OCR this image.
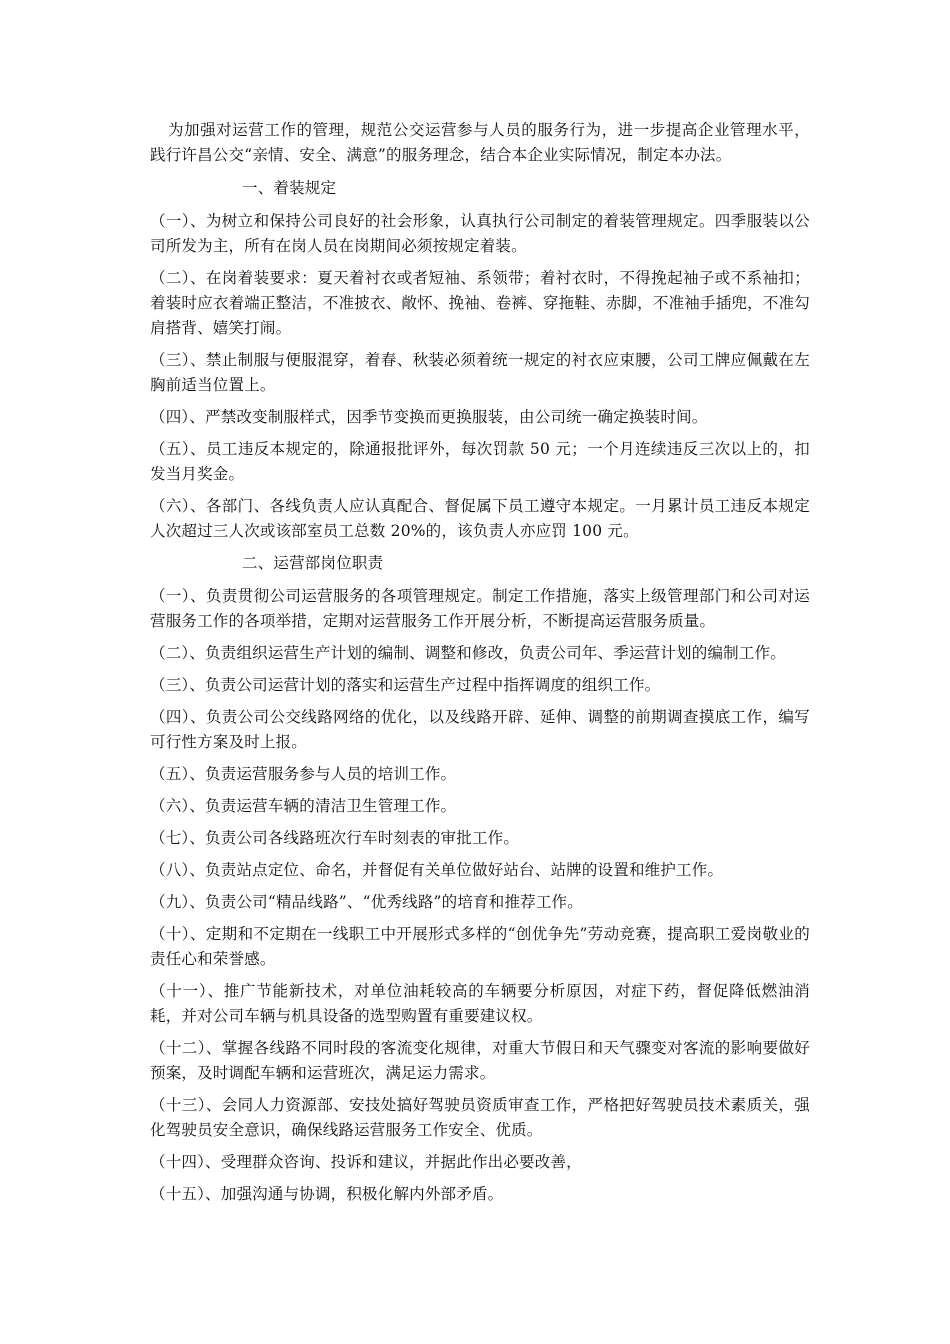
为加强对运营工作的管理，规范公交运营参与人员的服务行为，进一步提高企业管理水平，践行许昌公交“亲情、安全、满意”的服务理念，结合本企业实际情况，制定本办法。

一、着装规定

（一）、为树立和保持公司良好的社会形象，认真执行公司制定的着装管理规定。四季服装以公司所发为主，所有在岗人员在岗期间必须按规定着装。

（二）、在岗着装要求：夏天着衬衣或者短袖、系领带；着衬衣时，不得挽起袖子或不系袖扣；着装时应衣着端正整洁，不准披衣、敞怀、挽袖、卷裤、穿拖鞋、赤脚，不准袖手插兜，不准勾肩搭背、嬉笑打闹。

（三）、禁止制服与便服混穿，着春、秋装必须着统一规定的衬衣应束腰，公司工牌应佩戴在左胸前适当位置上。

（四）、严禁改变制服样式，因季节变换而更换服装，由公司统一确定换装时间。

（五）、员工违反本规定的，除通报批评外，每次罚款 50 元；一个月连续违反三次以上的，扣发当月奖金。

（六）、各部门、各线负责人应认真配合、督促属下员工遵守本规定。一月累计员工违反本规定人次超过三人次或该部室员工总数 20%的，该负责人亦应罚 100 元。

二、运营部岗位职责

（一）、负责贯彻公司运营服务的各项管理规定。制定工作措施，落实上级管理部门和公司对运营服务工作的各项举措，定期对运营服务工作开展分析，不断提高运营服务质量。

（二）、负责组织运营生产计划的编制、调整和修改，负责公司年、季运营计划的编制工作。

（三）、负责公司运营计划的落实和运营生产过程中指挥调度的组织工作。

（四）、负责公司公交线路网络的优化，以及线路开辟、延伸、调整的前期调查摸底工作，编写可行性方案及时上报。

（五）、负责运营服务参与人员的培训工作。

（六）、负责运营车辆的清洁卫生管理工作。

（七）、负责公司各线路班次行车时刻表的审批工作。

（八）、负责站点定位、命名，并督促有关单位做好站台、站牌的设置和维护工作。

（九）、负责公司“精品线路”、“优秀线路”的培育和推荐工作。

（十）、定期和不定期在一线职工中开展形式多样的“创优争先”劳动竞赛，提高职工爱岗敬业的责任心和荣誉感。

（十一）、推广节能新技术，对单位油耗较高的车辆要分析原因，对症下药，督促降低燃油消耗，并对公司车辆与机具设备的选型购置有重要建议权。

（十二）、掌握各线路不同时段的客流变化规律，对重大节假日和天气骤变对客流的影响要做好预案，及时调配车辆和运营班次，满足运力需求。

（十三）、会同人力资源部、安技处搞好驾驶员资质审查工作，严格把好驾驶员技术素质关，强化驾驶员安全意识，确保线路运营服务工作安全、优质。

（十四）、受理群众咨询、投诉和建议，并据此作出必要改善，

（十五）、加强沟通与协调，积极化解内外部矛盾。
